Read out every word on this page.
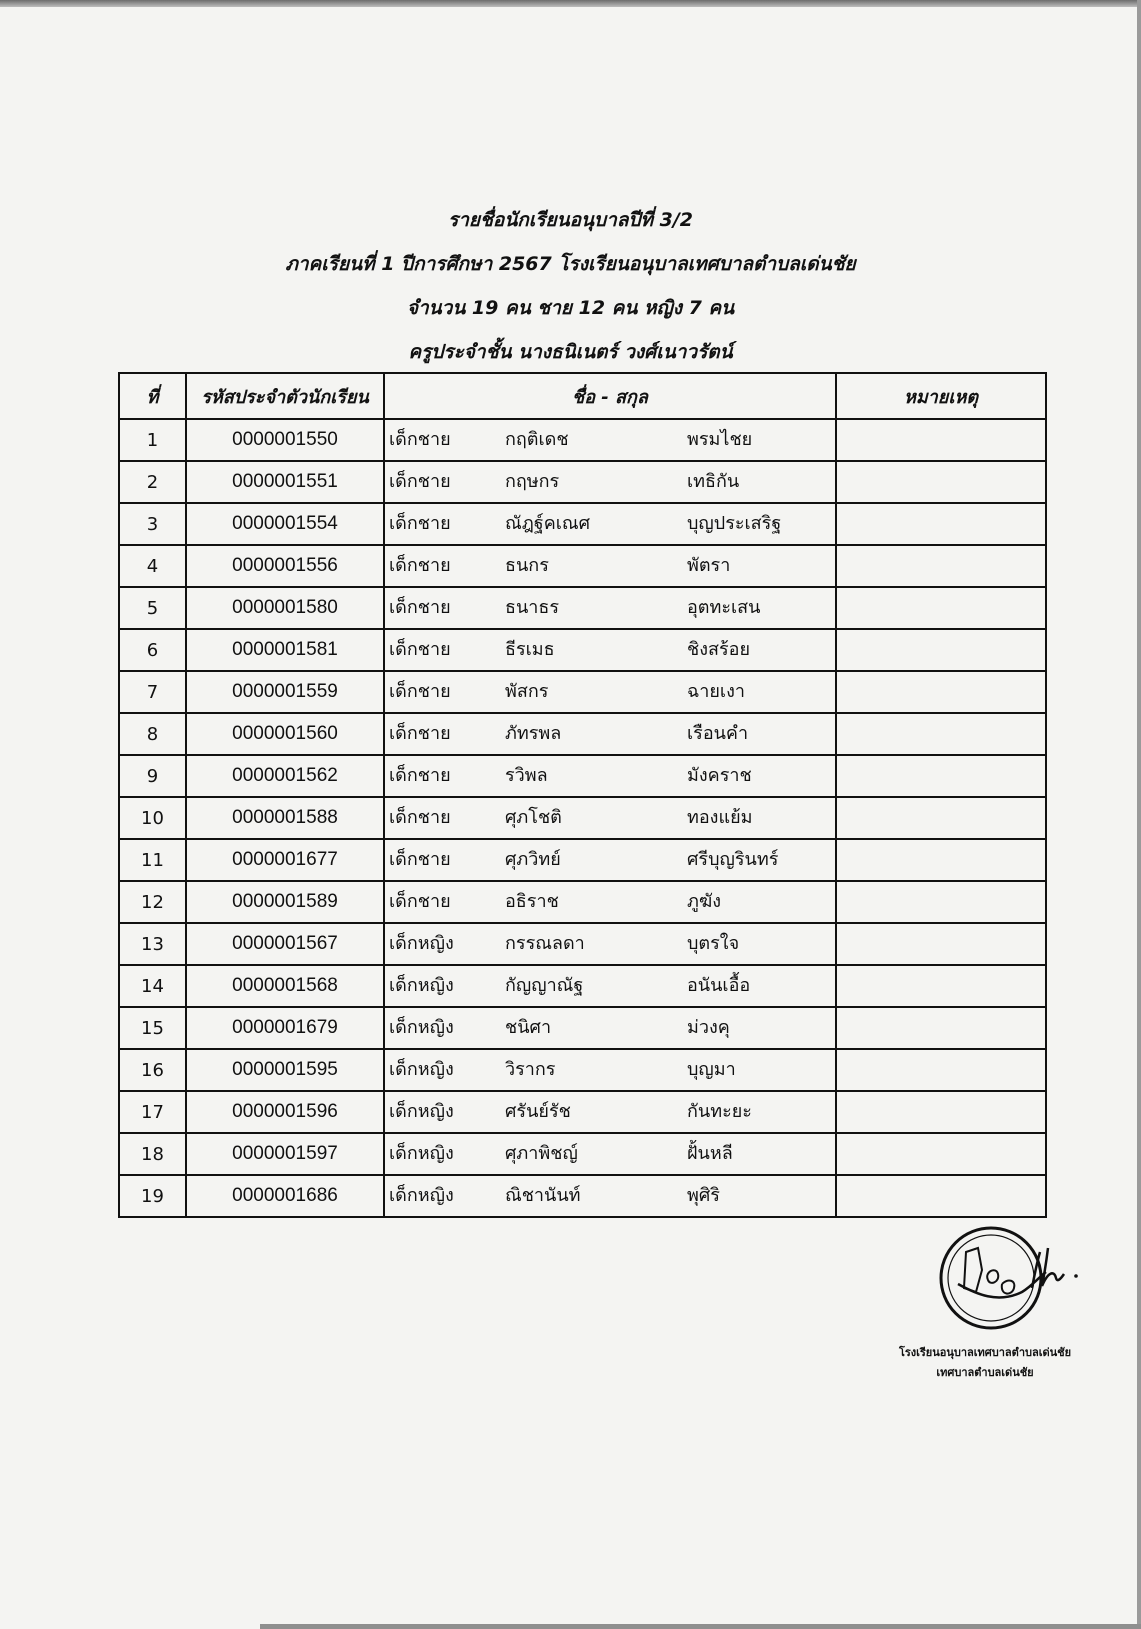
รายชื่อนักเรียนอนุบาลปีที่ 3/2
ภาคเรียนที่ 1 ปีการศึกษา 2567 โรงเรียนอนุบาลเทศบาลตำบลเด่นชัย
จำนวน 19 คน ชาย 12 คน หญิง 7 คน
ครูประจำชั้น นางธนิเนตร์ วงศ์เนาวรัตน์
ที่	รหัสประจำตัวนักเรียน	ชื่อ - สกุล	หมายเหตุ
1	0000001550	เด็กชาย กฤติเดช พรมไชย	

2	0000001551	เด็กชาย กฤษกร เทธิกัน	

3	0000001554	เด็กชาย ณัฎฐ์คเณศ บุญประเสริฐ	

4	0000001556	เด็กชาย ธนกร พัตรา	

5	0000001580	เด็กชาย ธนาธร อุตทะเสน	

6	0000001581	เด็กชาย ธีรเมธ ชิงสร้อย	

7	0000001559	เด็กชาย พัสกร ฉายเงา	

8	0000001560	เด็กชาย ภัทรพล เรือนคำ	

9	0000001562	เด็กชาย รวิพล มังคราช	

10	0000001588	เด็กชาย ศุภโชติ ทองแย้ม	

11	0000001677	เด็กชาย ศุภวิทย์ ศรีบุญรินทร์	

12	0000001589	เด็กชาย อธิราช ภูฆัง	

13	0000001567	เด็กหญิง กรรณลดา บุตรใจ	

14	0000001568	เด็กหญิง กัญญาณัฐ อนันเอื้อ	

15	0000001679	เด็กหญิง ชนิศา ม่วงคุ	

16	0000001595	เด็กหญิง วิรากร บุญมา	

17	0000001596	เด็กหญิง ศรันย์รัช กันทะยะ	

18	0000001597	เด็กหญิง ศุภาพิชญ์ ฝั้นหลี	

19	0000001686	เด็กหญิง ณิชานันท์ พุศิริ	

โรงเรียนอนุบาลเทศบาลตำบลเด่นชัย
เทศบาลตำบลเด่นชัย
